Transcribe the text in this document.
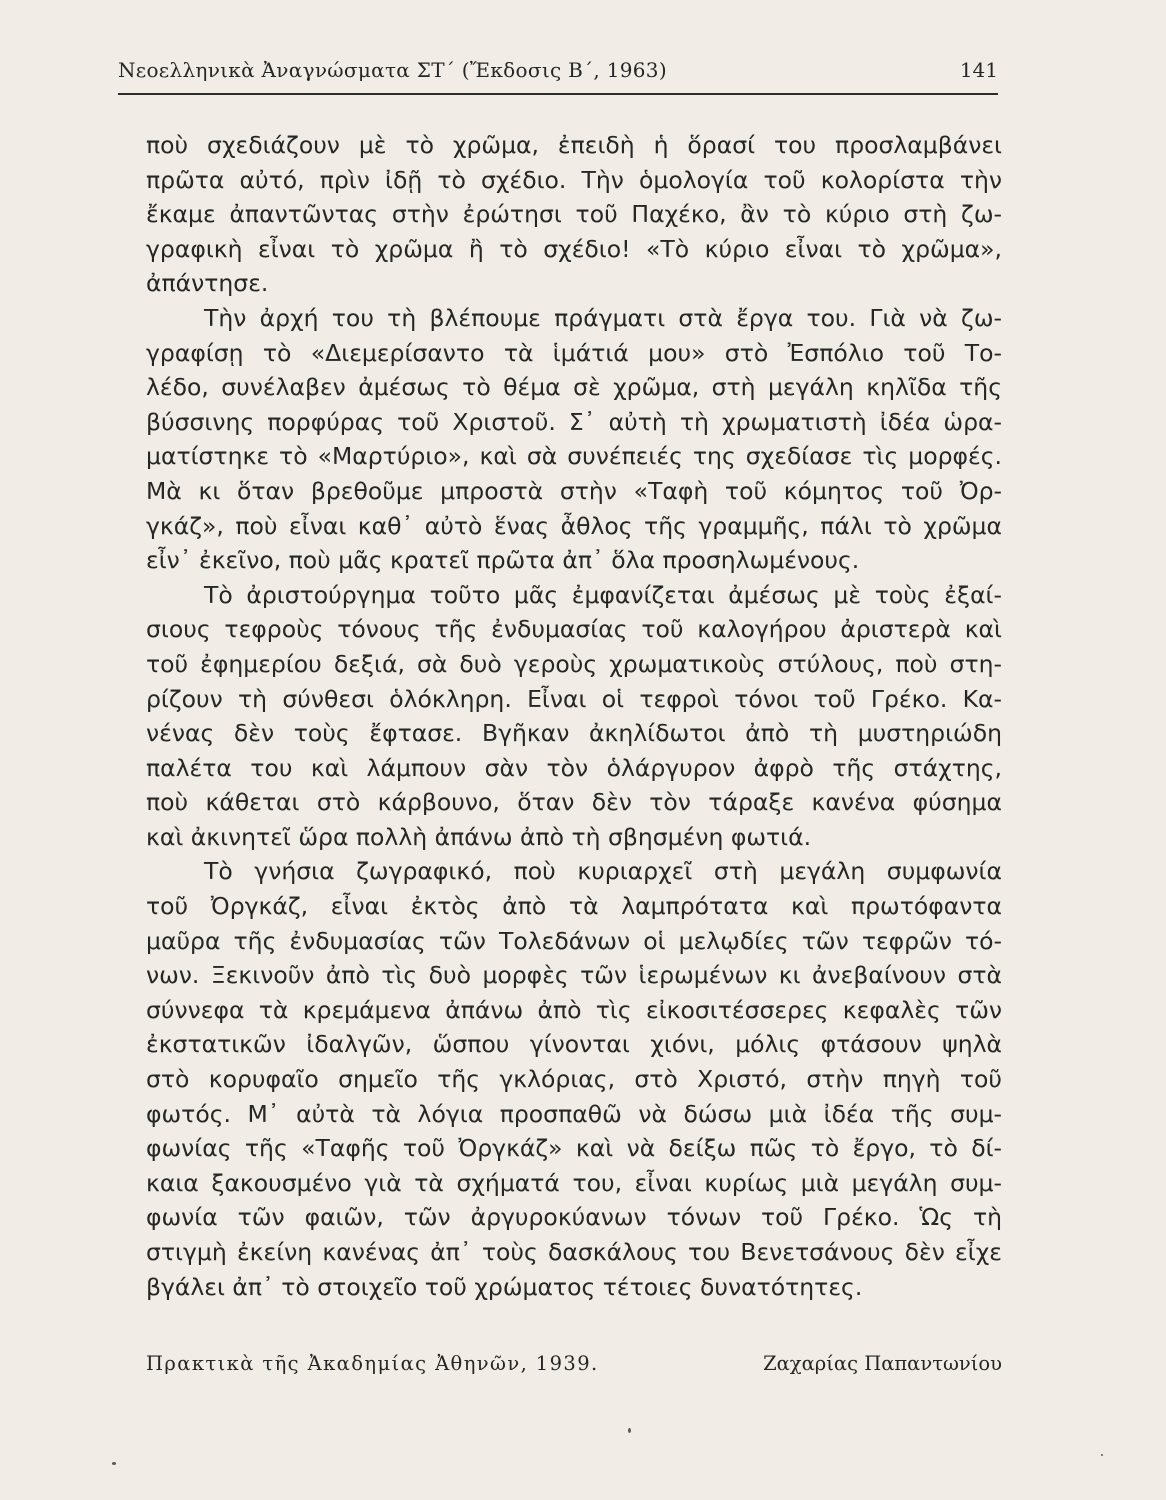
Νεοελληνικὰ Ἀναγνώσματα ΣΤ΄ (Ἔκδοσις Β΄, 1963)	141

ποὺ σχεδιάζουν μὲ τὸ χρῶμα, ἐπειδὴ ἡ ὅρασί του προσλαμβάνει
πρῶτα αὐτό, πρὶν ἰδῇ τὸ σχέδιο. Τὴν ὁμολογία τοῦ κολορίστα τὴν
ἔκαμε ἀπαντῶντας στὴν ἐρώτησι τοῦ Παχέκο, ἂν τὸ κύριο στὴ ζω-
γραφικὴ εἶναι τὸ χρῶμα ἢ τὸ σχέδιο! «Τὸ κύριο εἶναι τὸ χρῶμα»,
ἀπάντησε.

Τὴν ἀρχή του τὴ βλέπουμε πράγματι στὰ ἔργα του. Γιὰ νὰ ζω-
γραφίσῃ τὸ «Διεμερίσαντο τὰ ἱμάτιά μου» στὸ Ἐσπόλιο τοῦ Το-
λέδο, συνέλαβεν ἀμέσως τὸ θέμα σὲ χρῶμα, στὴ μεγάλη κηλῖδα τῆς
βύσσινης πορφύρας τοῦ Χριστοῦ. Σ᾿ αὐτὴ τὴ χρωματιστὴ ἰδέα ὡρα-
ματίστηκε τὸ «Μαρτύριο», καὶ σὰ συνέπειές της σχεδίασε τὶς μορφές.
Μὰ κι ὅταν βρεθοῦμε μπροστὰ στὴν «Ταφὴ τοῦ κόμητος τοῦ Ὀρ-
γκάζ», ποὺ εἶναι καθ᾿ αὐτὸ ἕνας ἆθλος τῆς γραμμῆς, πάλι τὸ χρῶμα
εἶν᾿ ἐκεῖνο, ποὺ μᾶς κρατεῖ πρῶτα ἀπ᾿ ὅλα προσηλωμένους.

Τὸ ἀριστούργημα τοῦτο μᾶς ἐμφανίζεται ἀμέσως μὲ τοὺς ἐξαί-
σιους τεφροὺς τόνους τῆς ἐνδυμασίας τοῦ καλογήρου ἀριστερὰ καὶ
τοῦ ἐφημερίου δεξιά, σὰ δυὸ γεροὺς χρωματικοὺς στύλους, ποὺ στη-
ρίζουν τὴ σύνθεσι ὁλόκληρη. Εἶναι οἱ τεφροὶ τόνοι τοῦ Γρέκο. Κα-
νένας δὲν τοὺς ἔφτασε. Βγῆκαν ἀκηλίδωτοι ἀπὸ τὴ μυστηριώδη
παλέτα του καὶ λάμπουν σὰν τὸν ὁλάργυρον ἀφρὸ τῆς στάχτης,
ποὺ κάθεται στὸ κάρβουνο, ὅταν δὲν τὸν τάραξε κανένα φύσημα
καὶ ἀκινητεῖ ὥρα πολλὴ ἀπάνω ἀπὸ τὴ σβησμένη φωτιά.

Τὸ γνήσια ζωγραφικό, ποὺ κυριαρχεῖ στὴ μεγάλη συμφωνία
τοῦ Ὀργκάζ, εἶναι ἐκτὸς ἀπὸ τὰ λαμπρότατα καὶ πρωτόφαντα
μαῦρα τῆς ἐνδυμασίας τῶν Τολεδάνων οἱ μελῳδίες τῶν τεφρῶν τό-
νων. Ξεκινοῦν ἀπὸ τὶς δυὸ μορφὲς τῶν ἱερωμένων κι ἀνεβαίνουν στὰ
σύννεφα τὰ κρεμάμενα ἀπάνω ἀπὸ τὶς εἰκοσιτέσσερες κεφαλὲς τῶν
ἐκστατικῶν ἰδαλγῶν, ὥσπου γίνονται χιόνι, μόλις φτάσουν ψηλὰ
στὸ κορυφαῖο σημεῖο τῆς γκλόριας, στὸ Χριστό, στὴν πηγὴ τοῦ
φωτός. Μ᾿ αὐτὰ τὰ λόγια προσπαθῶ νὰ δώσω μιὰ ἰδέα τῆς συμ-
φωνίας τῆς «Ταφῆς τοῦ Ὀργκάζ» καὶ νὰ δείξω πῶς τὸ ἔργο, τὸ δί-
καια ξακουσμένο γιὰ τὰ σχήματά του, εἶναι κυρίως μιὰ μεγάλη συμ-
φωνία τῶν φαιῶν, τῶν ἀργυροκύανων τόνων τοῦ Γρέκο. Ὡς τὴ
στιγμὴ ἐκείνη κανένας ἀπ᾿ τοὺς δασκάλους του Βενετσάνους δὲν εἶχε
βγάλει ἀπ᾿ τὸ στοιχεῖο τοῦ χρώματος τέτοιες δυνατότητες.

Πρακτικὰ τῆς Ἀκαδημίας Ἀθηνῶν, 1939.	Ζαχαρίας Παπαντωνίου
